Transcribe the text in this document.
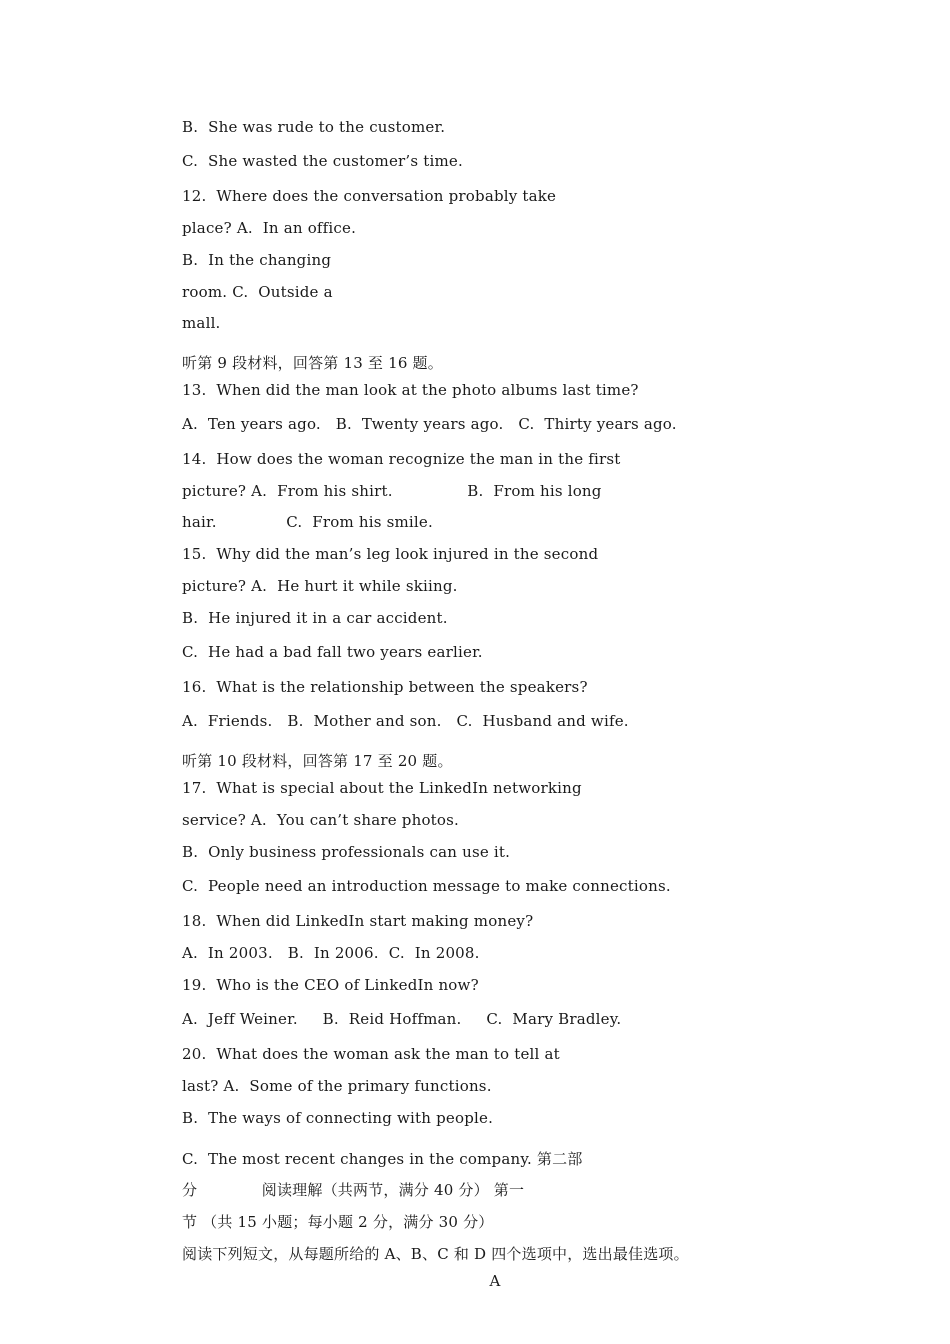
B.  She was rude to the customer.
C.  She wasted the customer’s time.
12.  Where does the conversation probably take
place? A.  In an office.
B.  In the changing
room. C.  Outside a
mall.
听第 9 段材料，回答第 13 至 16 题。
13.  When did the man look at the photo albums last time?
A.  Ten years ago.   B.  Twenty years ago.   C.  Thirty years ago.
14.  How does the woman recognize the man in the first
picture? A.  From his shirt.               B.  From his long
hair.              C.  From his smile.
15.  Why did the man’s leg look injured in the second
picture? A.  He hurt it while skiing.
B.  He injured it in a car accident.
C.  He had a bad fall two years earlier.
16.  What is the relationship between the speakers?
A.  Friends.   B.  Mother and son.   C.  Husband and wife.
听第 10 段材料，回答第 17 至 20 题。
17.  What is special about the LinkedIn networking
service? A.  You can’t share photos.
B.  Only business professionals can use it.
C.  People need an introduction message to make connections.
18.  When did LinkedIn start making money?
A.  In 2003.   B.  In 2006.  C.  In 2008.
19.  Who is the CEO of LinkedIn now?
A.  Jeff Weiner.     B.  Reid Hoffman.     C.  Mary Bradley.
20.  What does the woman ask the man to tell at
last? A.  Some of the primary functions.
B.  The ways of connecting with people.
C.  The most recent changes in the company. 第二部
分             阅读理解（共两节，满分 40 分） 第一
节 （共 15 小题；每小题 2 分，满分 30 分）
阅读下列短文，从每题所给的 A、B、C 和 D 四个选项中，选出最佳选项。
A
